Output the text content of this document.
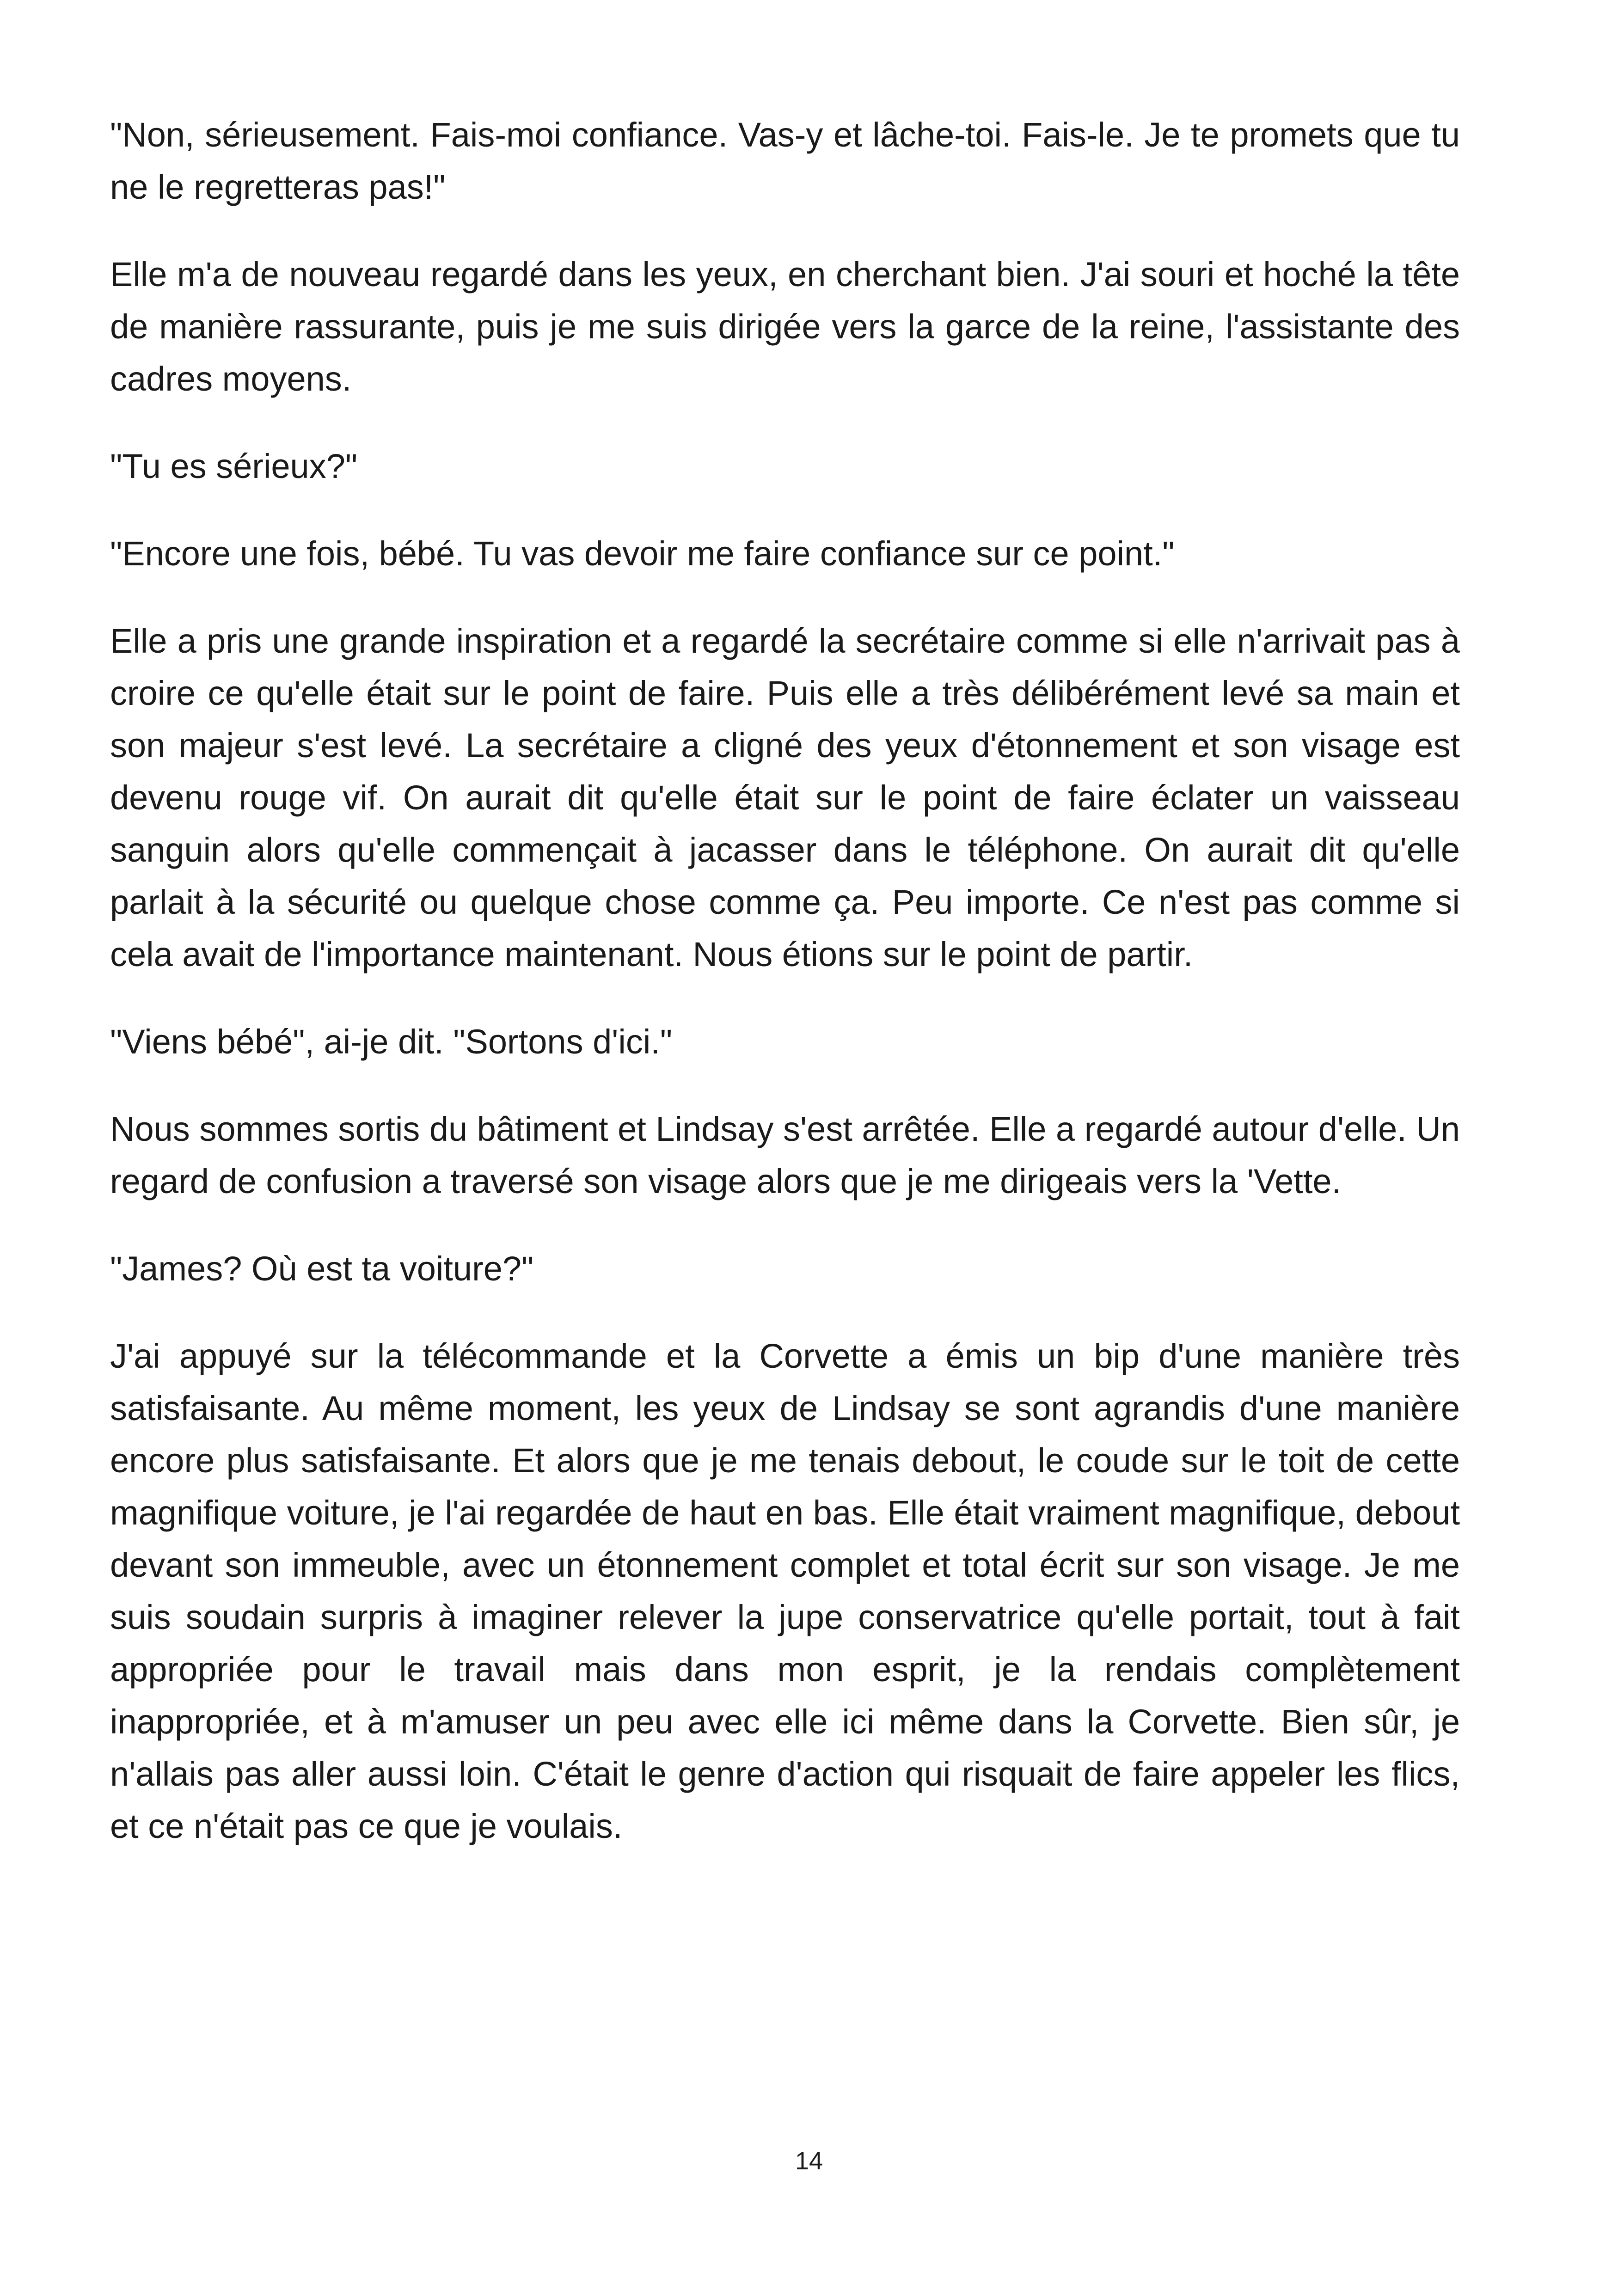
"Non, sérieusement. Fais-moi confiance. Vas-y et lâche-toi. Fais-le. Je te promets que tu ne le regretteras pas!"

Elle m'a de nouveau regardé dans les yeux, en cherchant bien. J'ai souri et hoché la tête de manière rassurante, puis je me suis dirigée vers la garce de la reine, l'assistante des cadres moyens.

"Tu es sérieux?"

"Encore une fois, bébé. Tu vas devoir me faire confiance sur ce point."

Elle a pris une grande inspiration et a regardé la secrétaire comme si elle n'arrivait pas à croire ce qu'elle était sur le point de faire. Puis elle a très délibérément levé sa main et son majeur s'est levé. La secrétaire a cligné des yeux d'étonnement et son visage est devenu rouge vif. On aurait dit qu'elle était sur le point de faire éclater un vaisseau sanguin alors qu'elle commençait à jacasser dans le téléphone. On aurait dit qu'elle parlait à la sécurité ou quelque chose comme ça. Peu importe. Ce n'est pas comme si cela avait de l'importance maintenant. Nous étions sur le point de partir.

"Viens bébé", ai-je dit. "Sortons d'ici."

Nous sommes sortis du bâtiment et Lindsay s'est arrêtée. Elle a regardé autour d'elle. Un regard de confusion a traversé son visage alors que je me dirigeais vers la 'Vette.

"James? Où est ta voiture?"

J'ai appuyé sur la télécommande et la Corvette a émis un bip d'une manière très satisfaisante. Au même moment, les yeux de Lindsay se sont agrandis d'une manière encore plus satisfaisante. Et alors que je me tenais debout, le coude sur le toit de cette magnifique voiture, je l'ai regardée de haut en bas. Elle était vraiment magnifique, debout devant son immeuble, avec un étonnement complet et total écrit sur son visage. Je me suis soudain surpris à imaginer relever la jupe conservatrice qu'elle portait, tout à fait appropriée pour le travail mais dans mon esprit, je la rendais complètement inappropriée, et à m'amuser un peu avec elle ici même dans la Corvette. Bien sûr, je n'allais pas aller aussi loin. C'était le genre d'action qui risquait de faire appeler les flics, et ce n'était pas ce que je voulais.

14
